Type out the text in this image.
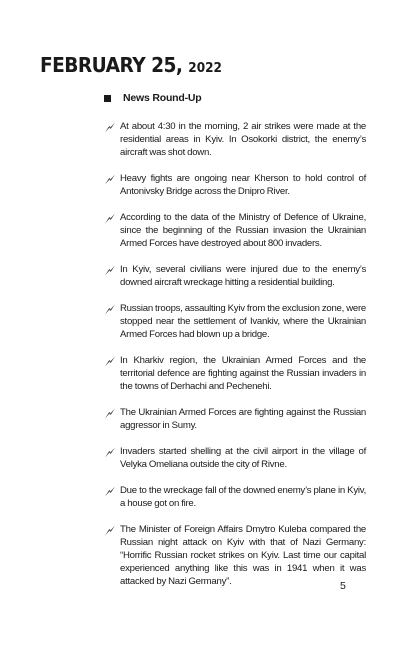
FEBRUARY 25, 2022
News Round-Up
At about 4:30 in the morning, 2 air strikes were made at the residential areas in Kyiv. In Osokorki district, the enemy’s aircraft was shot down.
Heavy fights are ongoing near Kherson to hold control of Antonivsky Bridge across the Dnipro River.
According to the data of the Ministry of Defence of Ukraine, since the beginning of the Russian invasion the Ukrainian Armed Forces have destroyed about 800 invaders.
In Kyiv, several civilians were injured due to the enemy’s downed aircraft wreckage hitting a residential building.
Russian troops, assaulting Kyiv from the exclusion zone, were stopped near the settlement of Ivankiv, where the Ukrainian Armed Forces had blown up a bridge.
In Kharkiv region, the Ukrainian Armed Forces and the territorial defence are fighting against the Russian invaders in the towns of Derhachi and Pechenehi.
The Ukrainian Armed Forces are fighting against the Russian aggressor in Sumy.
Invaders started shelling at the civil airport in the village of Velyka Omeliana outside the city of Rivne.
Due to the wreckage fall of the downed enemy’s plane in Kyiv, a house got on fire.
The Minister of Foreign Affairs Dmytro Kuleba compared the Russian night attack on Kyiv with that of Nazi Germany: “Horrific Russian rocket strikes on Kyiv. Last time our capital experienced anything like this was in 1941 when it was attacked by Nazi Germany”.	5
